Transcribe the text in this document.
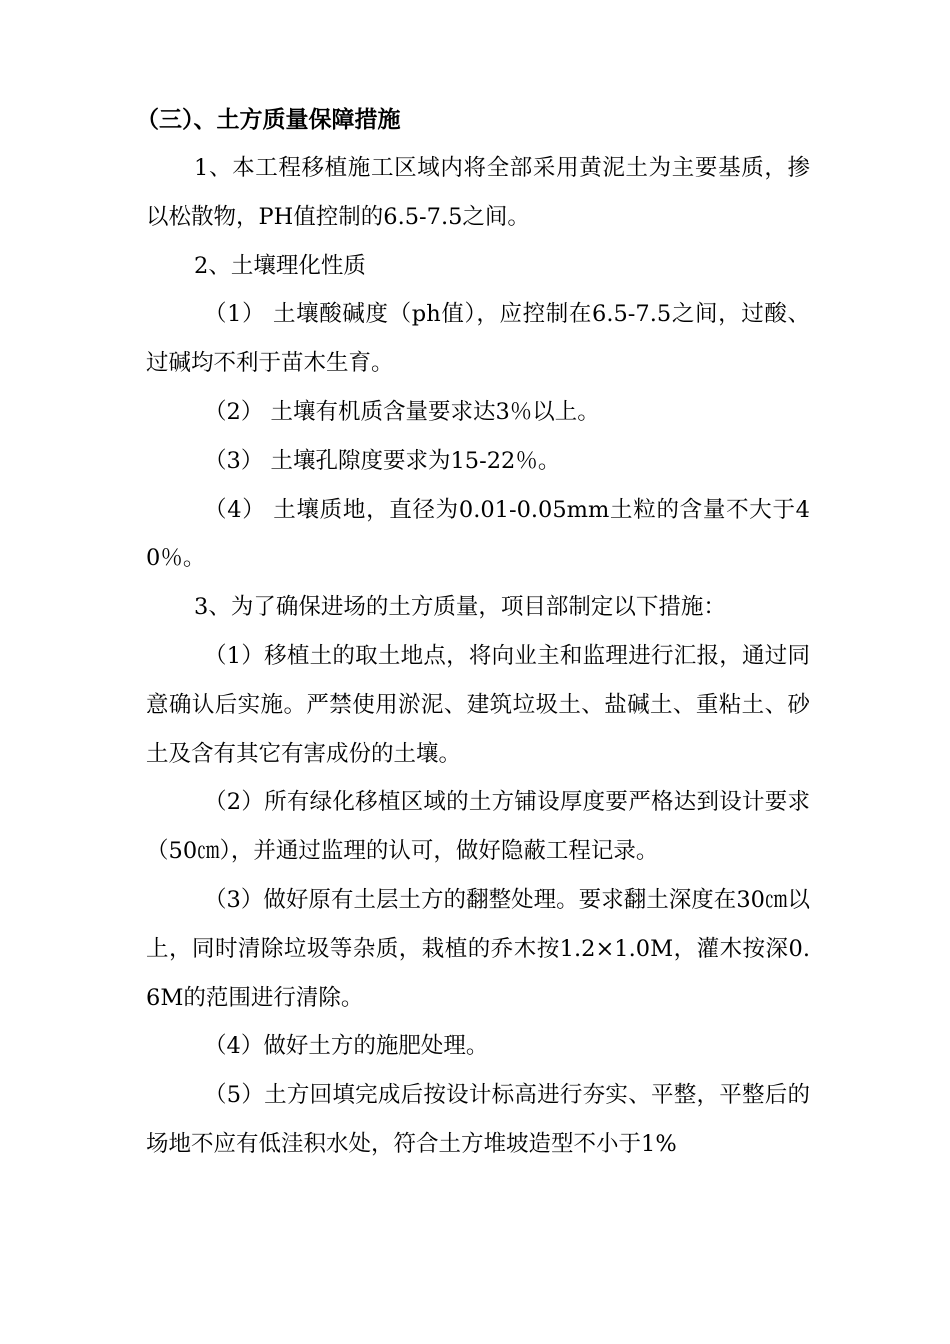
（三）、土方质量保障措施

1、本工程移植施工区域内将全部采用黄泥土为主要基质，掺以松散物，PH值控制的6.5-7.5之间。

2、土壤理化性质

（1） 土壤酸碱度（ph值），应控制在6.5-7.5之间，过酸、过碱均不利于苗木生育。

（2） 土壤有机质含量要求达3％以上。

（3） 土壤孔隙度要求为15-22％。

（4） 土壤质地，直径为0.01-0.05mm土粒的含量不大于40％。

3、为了确保进场的土方质量，项目部制定以下措施：

（1）移植土的取土地点，将向业主和监理进行汇报，通过同意确认后实施。严禁使用淤泥、建筑垃圾土、盐碱土、重粘土、砂土及含有其它有害成份的土壤。

（2）所有绿化移植区域的土方铺设厚度要严格达到设计要求（50㎝），并通过监理的认可，做好隐蔽工程记录。

（3）做好原有土层土方的翻整处理。要求翻土深度在30㎝以上，同时清除垃圾等杂质，栽植的乔木按1.2×1.0M，灌木按深0.6M的范围进行清除。

（4）做好土方的施肥处理。

（5）土方回填完成后按设计标高进行夯实、平整，平整后的场地不应有低洼积水处，符合土方堆坡造型不小于1%
